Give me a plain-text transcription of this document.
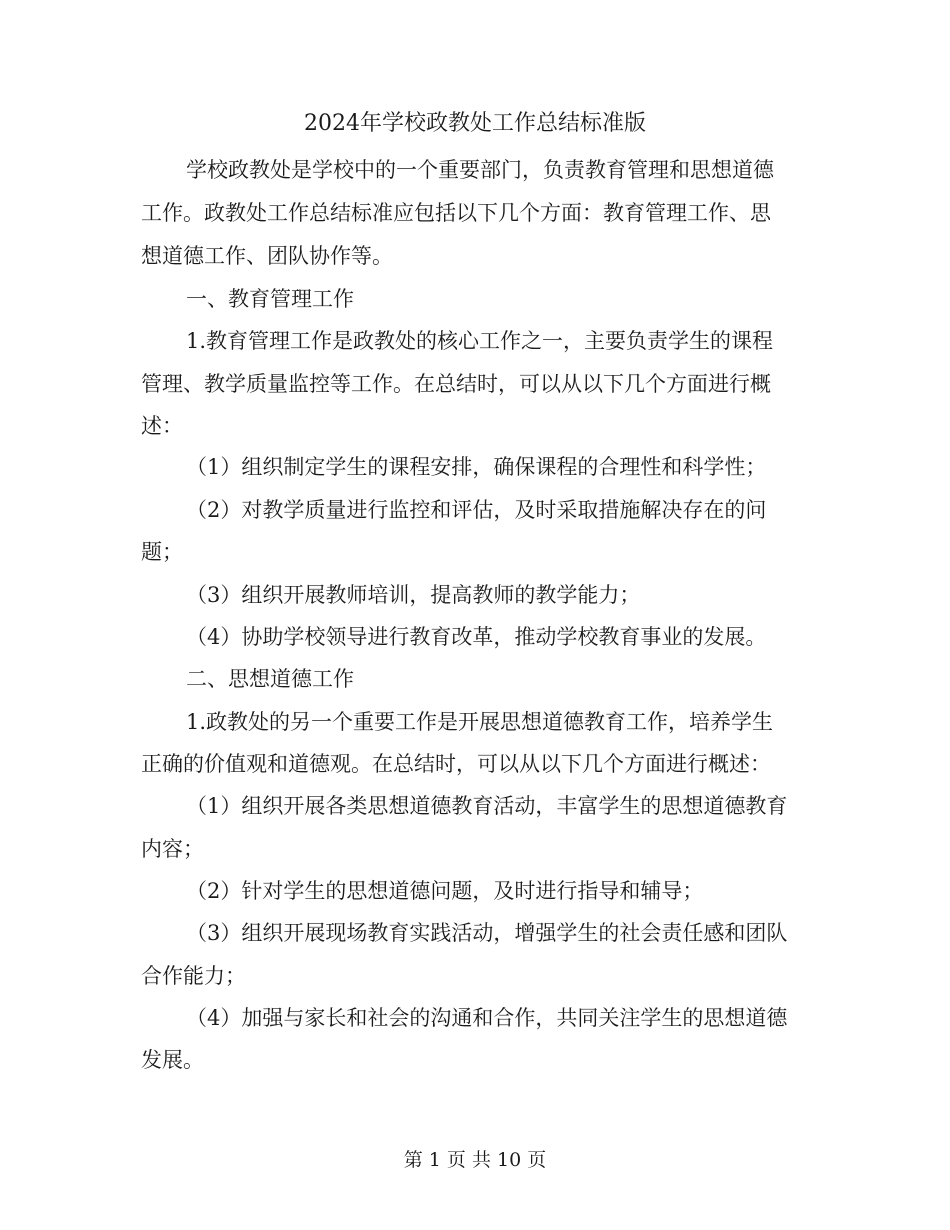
2024年学校政教处工作总结标准版
学校政教处是学校中的一个重要部门，负责教育管理和思想道德
工作。政教处工作总结标准应包括以下几个方面：教育管理工作、思
想道德工作、团队协作等。
一、教育管理工作
1.教育管理工作是政教处的核心工作之一，主要负责学生的课程
管理、教学质量监控等工作。在总结时，可以从以下几个方面进行概
述：
（1）组织制定学生的课程安排，确保课程的合理性和科学性；
（2）对教学质量进行监控和评估，及时采取措施解决存在的问
题；
（3）组织开展教师培训，提高教师的教学能力；
（4）协助学校领导进行教育改革，推动学校教育事业的发展。
二、思想道德工作
1.政教处的另一个重要工作是开展思想道德教育工作，培养学生
正确的价值观和道德观。在总结时，可以从以下几个方面进行概述：
（1）组织开展各类思想道德教育活动，丰富学生的思想道德教育
内容；
（2）针对学生的思想道德问题，及时进行指导和辅导；
（3）组织开展现场教育实践活动，增强学生的社会责任感和团队
合作能力；
（4）加强与家长和社会的沟通和合作，共同关注学生的思想道德
发展。
第 1 页 共 10 页
